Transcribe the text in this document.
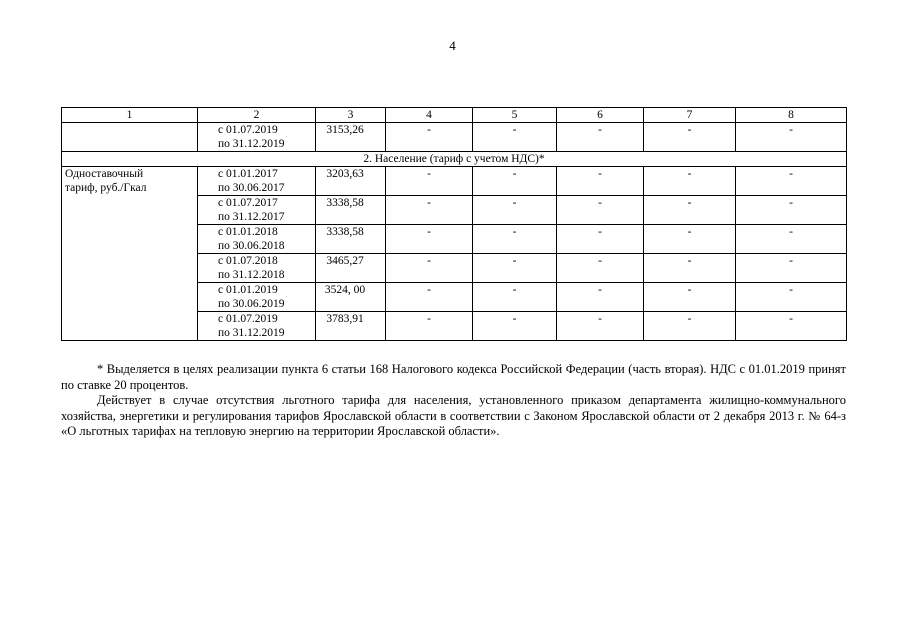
4
1	2	3	4	5	6	7	8
	с 01.07.2019
по 31.12.2019	3153,26	-	-	-	-	-
2. Население (тариф с учетом НДС)*							
Одноставочный
тариф, руб./Гкал	с 01.01.2017
по 30.06.2017	3203,63	-	-	-	-	-
	с 01.07.2017
по 31.12.2017	3338,58	-	-	-	-	-
	с 01.01.2018
по 30.06.2018	3338,58	-	-	-	-	-
	с 01.07.2018
по 31.12.2018	3465,27	-	-	-	-	-
	с 01.01.2019
по 30.06.2019	3524, 00	-	-	-	-	-
	с 01.07.2019
по 31.12.2019	3783,91	-	-	-	-	-

* Выделяется в целях реализации пункта 6 статьи 168 Налогового кодекса Российской Федерации (часть вторая). НДС с 01.01.2019 принят по ставке 20 процентов.

Действует в случае отсутствия льготного тарифа для населения, установленного приказом департамента жилищно-коммунального хозяйства, энергетики и регулирования тарифов Ярославской области в соответствии с Законом Ярославской области от 2 декабря 2013 г. № 64-з «О льготных тарифах на тепловую энергию на территории Ярославской области».
